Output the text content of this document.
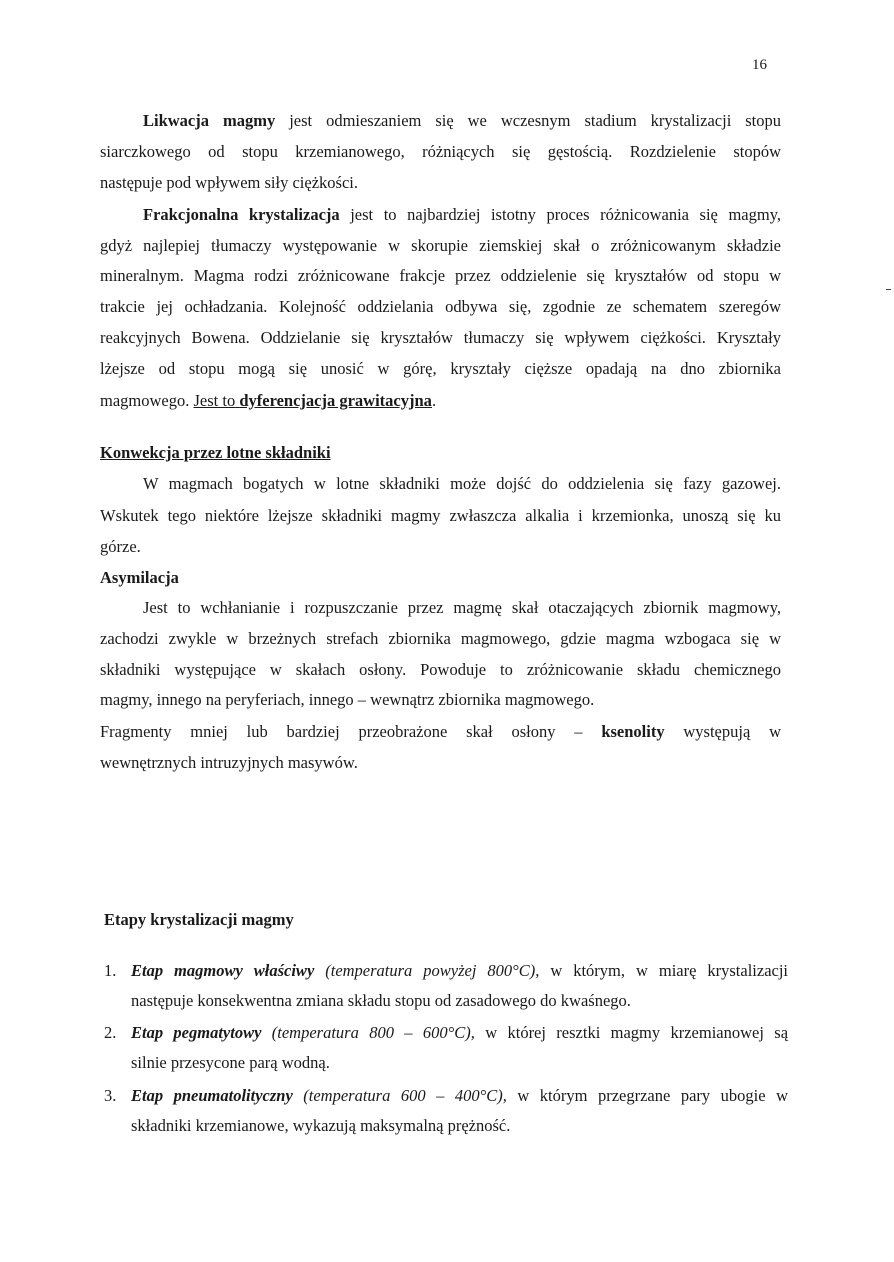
16
Likwacja magmy jest odmieszaniem się we wczesnym stadium krystalizacji stopu
siarczkowego od stopu krzemianowego, różniących się gęstością. Rozdzielenie stopów
następuje pod wpływem siły ciężkości.
Frakcjonalna krystalizacja jest to najbardziej istotny proces różnicowania się magmy,
gdyż najlepiej tłumaczy występowanie w skorupie ziemskiej skał o zróżnicowanym składzie
mineralnym. Magma rodzi zróżnicowane frakcje przez oddzielenie się kryształów od stopu w
trakcie jej ochładzania. Kolejność oddzielania odbywa się, zgodnie ze schematem szeregów
reakcyjnych Bowena. Oddzielanie się kryształów tłumaczy się wpływem ciężkości. Kryształy
lżejsze od stopu mogą się unosić w górę, kryształy cięższe opadają na dno zbiornika
magmowego. Jest to dyferencjacja grawitacyjna.
Konwekcja przez lotne składniki
W magmach bogatych w lotne składniki może dojść do oddzielenia się fazy gazowej.
Wskutek tego niektóre lżejsze składniki magmy zwłaszcza alkalia i krzemionka, unoszą się ku
górze.
Asymilacja
Jest to wchłanianie i rozpuszczanie przez magmę skał otaczających zbiornik magmowy,
zachodzi zwykle w brzeżnych strefach zbiornika magmowego, gdzie magma wzbogaca się w
składniki występujące w skałach osłony. Powoduje to zróżnicowanie składu chemicznego
magmy, innego na peryferiach, innego – wewnątrz zbiornika magmowego.
Fragmenty mniej lub bardziej przeobrażone skał osłony – ksenolity występują w
wewnętrznych intruzyjnych masywów.
Etapy krystalizacji magmy
1. Etap magmowy właściwy (temperatura powyżej 800°C), w którym, w miarę krystalizacji
następuje konsekwentna zmiana składu stopu od zasadowego do kwaśnego.
2. Etap pegmatytowy (temperatura 800 – 600°C), w której resztki magmy krzemianowej są
silnie przesycone parą wodną.
3. Etap pneumatolityczny (temperatura 600 – 400°C), w którym przegrzane pary ubogie w
składniki krzemianowe, wykazują maksymalną prężność.
